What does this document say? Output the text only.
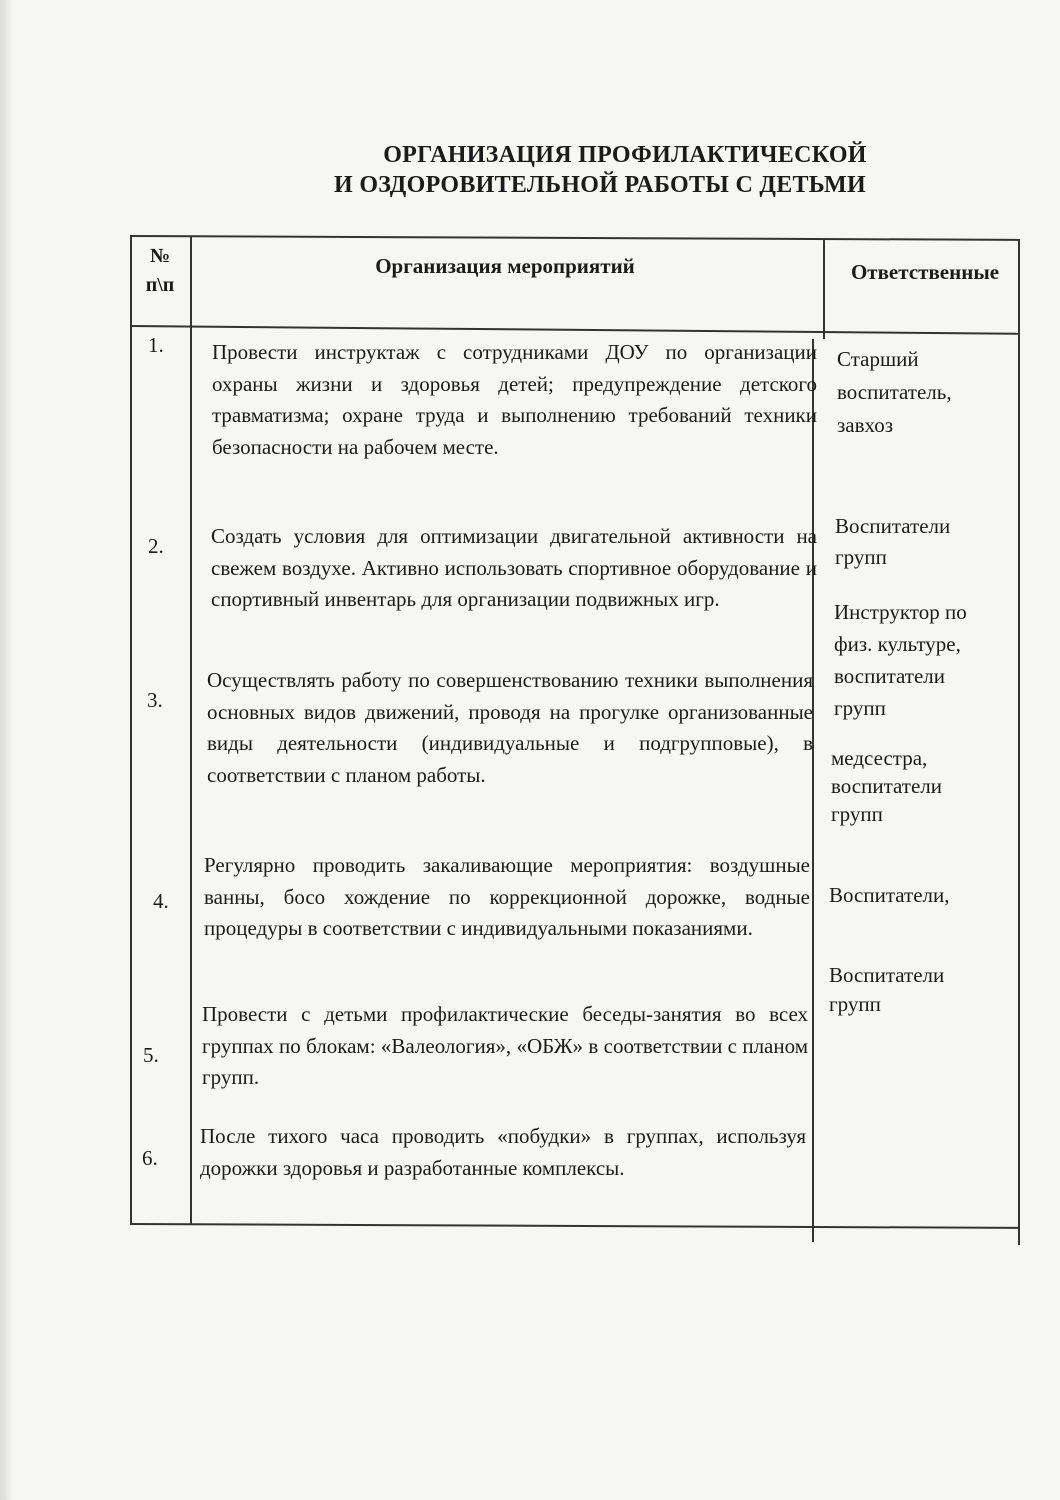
ОРГАНИЗАЦИЯ ПРОФИЛАКТИЧЕСКОЙ
И ОЗДОРОВИТЕЛЬНОЙ РАБОТЫ С ДЕТЬМИ
№
п\п
Организация мероприятий	Ответственные
1.
2.
3.
4.
5.
6.
Провести инструктаж с сотрудниками ДОУ по организации охраны жизни и здоровья детей; предупреждение детского травматизма; охране труда и выполнению требований техники безопасности на рабочем месте.
Создать условия для оптимизации двигательной активности на свежем воздухе. Активно использовать спортивное оборудование и спортивный инвентарь для организации подвижных игр.
Осуществлять работу по совершенствованию техники выполнения основных видов движений, проводя на прогулке организованные виды деятельности (индивидуальные и подгрупповые), в соответствии с планом работы.
Регулярно проводить закаливающие мероприятия: воздушные ванны, босо хождение по коррекционной дорожке, водные процедуры в соответствии с индивидуальными показаниями.
Провести с детьми профилактические беседы-занятия во всех группах по блокам: «Валеология», «ОБЖ» в соответствии с планом групп.
После тихого часа проводить «побудки» в группах, используя дорожки здоровья и разработанные комплексы.
Старший
воспитатель,
завхоз
Воспитатели
групп
Инструктор по
физ. культуре,
воспитатели
групп
медсестра,
воспитатели
групп
Воспитатели,
Воспитатели
групп
